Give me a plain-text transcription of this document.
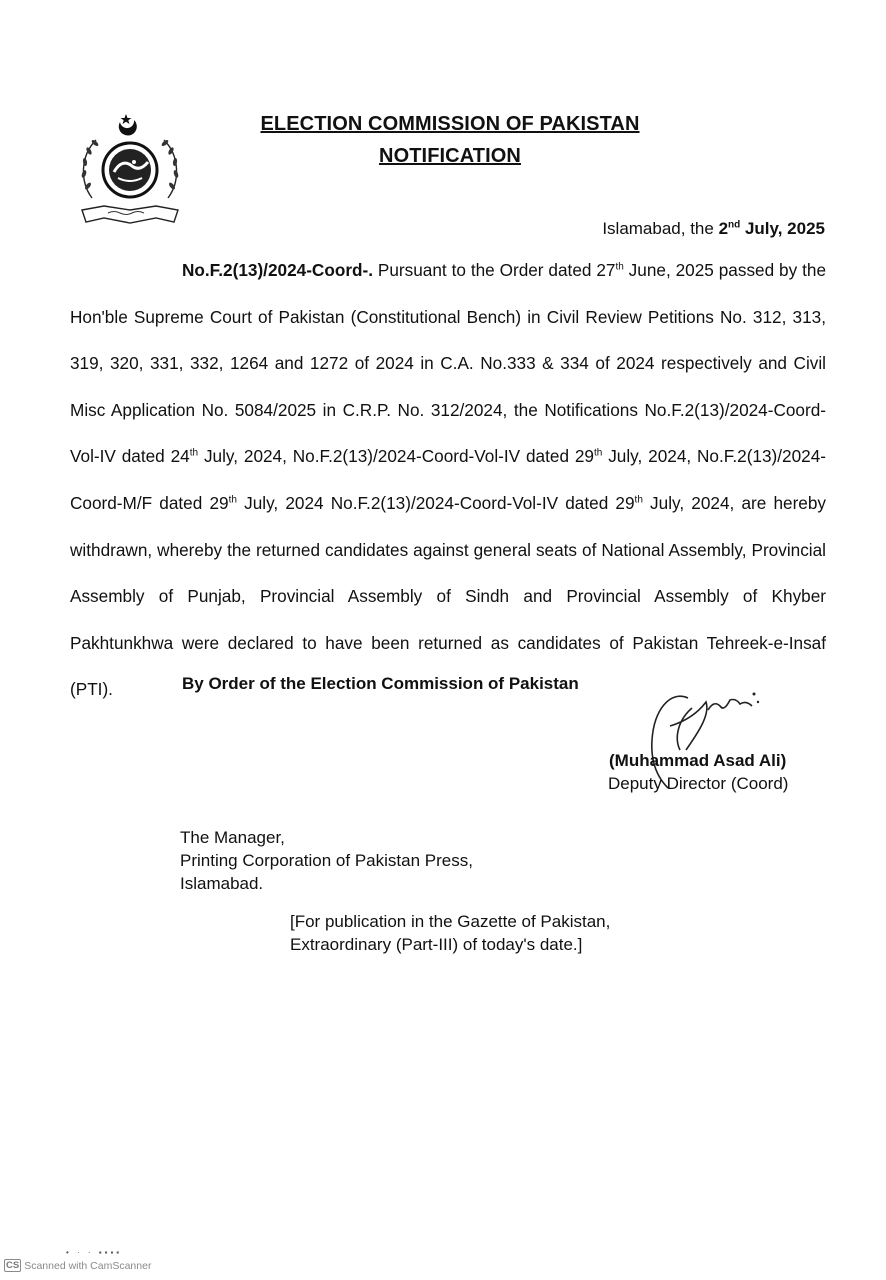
ELECTION COMMISSION OF PAKISTAN
NOTIFICATION
Islamabad, the 2nd July, 2025

No.F.2(13)/2024-Coord-. Pursuant to the Order dated 27th June, 2025 passed by the Hon'ble Supreme Court of Pakistan (Constitutional Bench) in Civil Review Petitions No. 312, 313, 319, 320, 331, 332, 1264 and 1272 of 2024 in C.A. No.333 & 334 of 2024 respectively and Civil Misc Application No. 5084/2025 in C.R.P. No. 312/2024, the Notifications No.F.2(13)/2024-Coord-Vol-IV dated 24th July, 2024, No.F.2(13)/2024-Coord-Vol-IV dated 29th July, 2024, No.F.2(13)/2024-Coord-M/F dated 29th July, 2024 No.F.2(13)/2024-Coord-Vol-IV dated 29th July, 2024, are hereby withdrawn, whereby the returned candidates against general seats of National Assembly, Provincial Assembly of Punjab, Provincial Assembly of Sindh and Provincial Assembly of Khyber Pakhtunkhwa were declared to have been returned as candidates of Pakistan Tehreek-e-Insaf (PTI).	By Order of the Election Commission of Pakistan
(Muhammad Asad Ali)
Deputy Director (Coord)
The Manager,
Printing Corporation of Pakistan Press,
Islamabad.
[For publication in the Gazette of Pakistan,
Extraordinary (Part-III) of today's date.]
• · · ▪▪▪▪
CS Scanned with CamScanner
